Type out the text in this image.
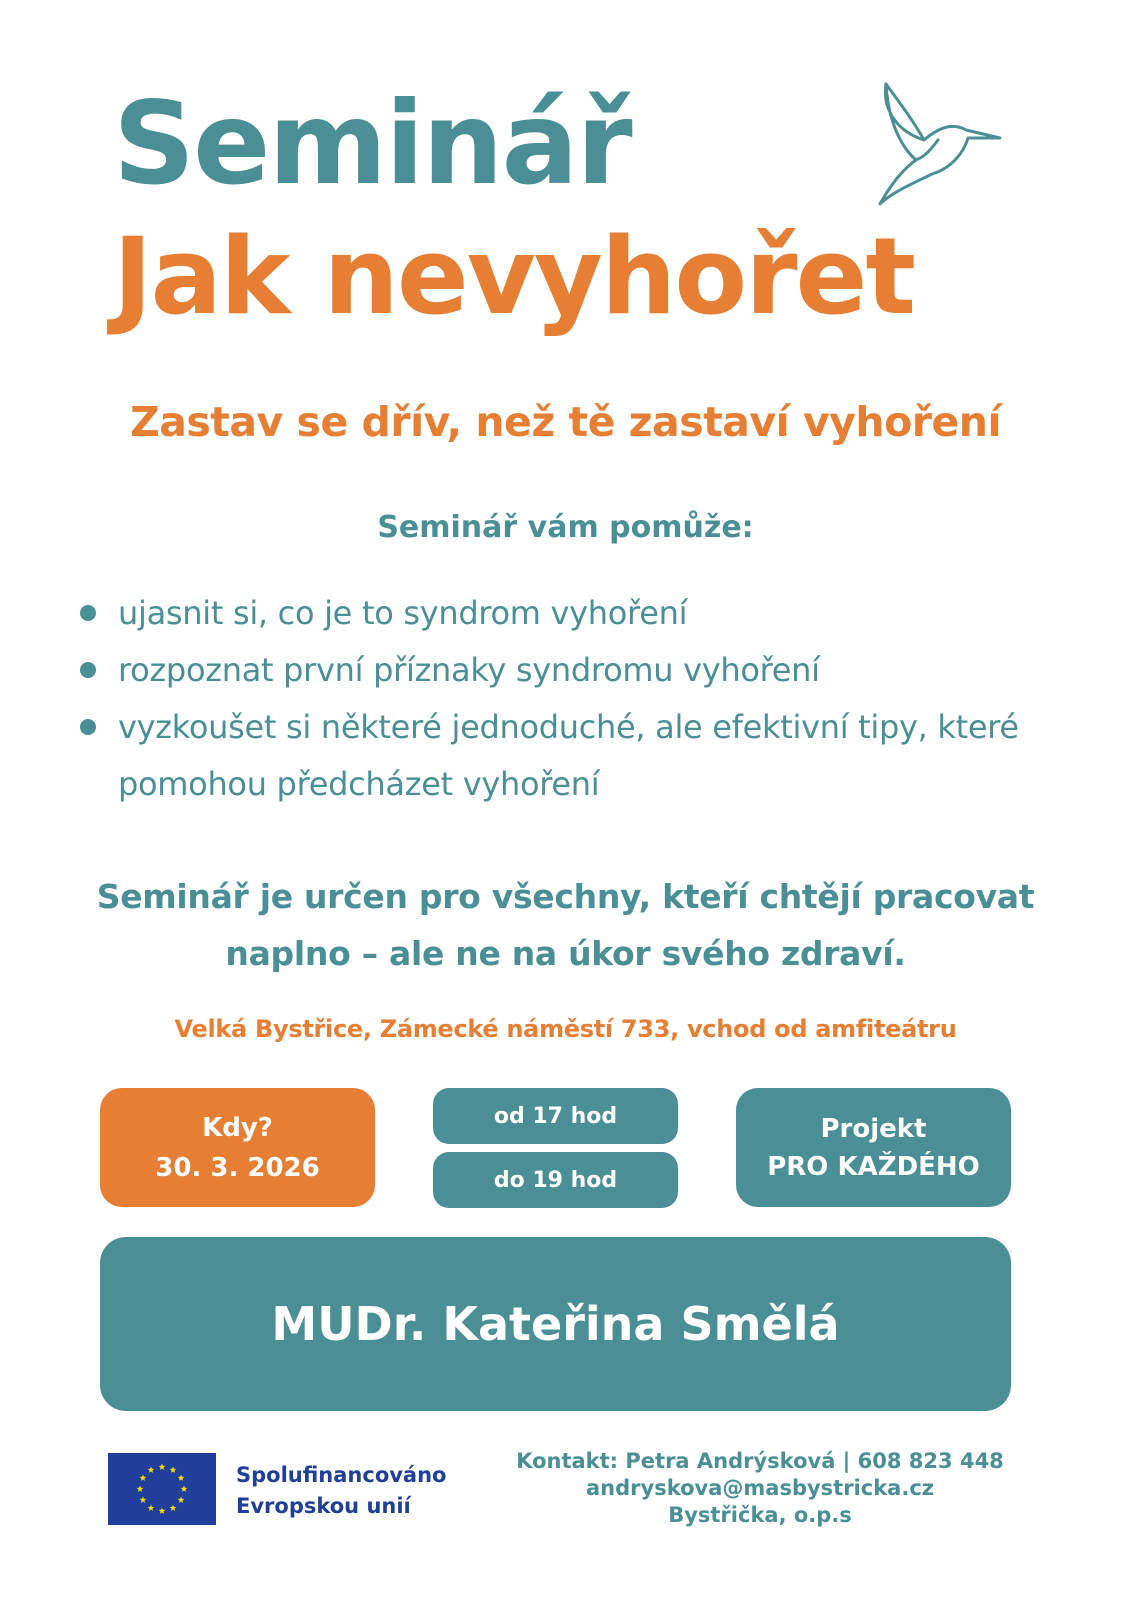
Seminář
Jak nevyhořet
Zastav se dřív, než tě zastaví vyhoření
Seminář vám pomůže:
ujasnit si, co je to syndrom vyhoření
rozpoznat první příznaky syndromu vyhoření
vyzkoušet si některé jednoduché, ale efektivní tipy, které pomohou předcházet vyhoření
Seminář je určen pro všechny, kteří chtějí pracovat
naplno – ale ne na úkor svého zdraví.
Velká Bystřice, Zámecké náměstí 733, vchod od amfiteátru
Kdy?
30. 3. 2026
od 17 hod
do 19 hod
Projekt
PRO KAŽDÉHO
MUDr. Kateřina Smělá
Spolufinancováno
Evropskou unií
Kontakt: Petra Andrýsková | 608 823 448
andryskova@masbystricka.cz
Bystřička, o.p.s
